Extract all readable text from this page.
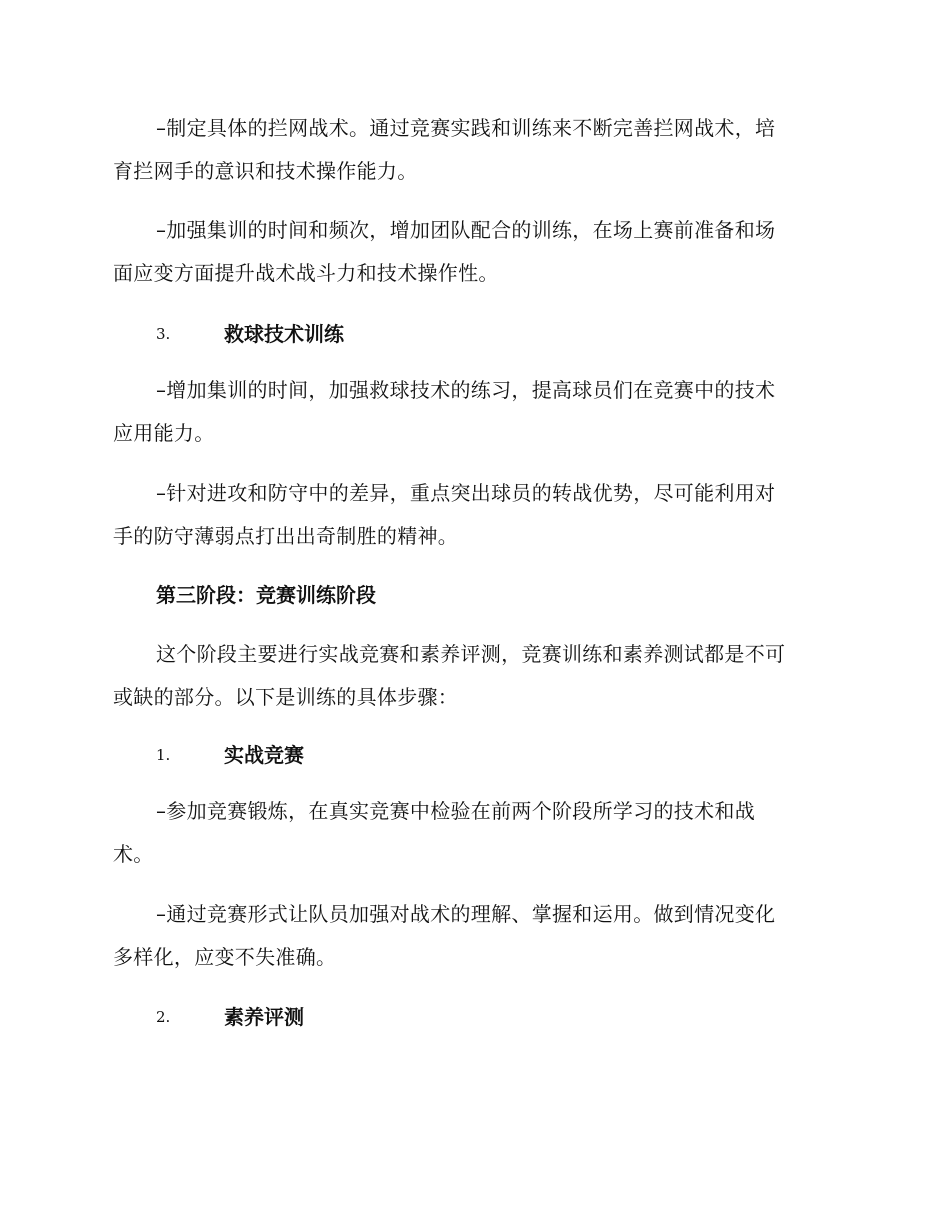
–制定具体的拦网战术。通过竞赛实践和训练来不断完善拦网战术，培
育拦网手的意识和技术操作能力。
–加强集训的时间和频次，增加团队配合的训练，在场上赛前准备和场
面应变方面提升战术战斗力和技术操作性。
3.	救球技术训练
–增加集训的时间，加强救球技术的练习，提高球员们在竞赛中的技术
应用能力。
–针对进攻和防守中的差异，重点突出球员的转战优势，尽可能利用对
手的防守薄弱点打出出奇制胜的精神。
第三阶段：竞赛训练阶段
这个阶段主要进行实战竞赛和素养评测，竞赛训练和素养测试都是不可
或缺的部分。以下是训练的具体步骤：
1.	实战竞赛
–参加竞赛锻炼，在真实竞赛中检验在前两个阶段所学习的技术和战
术。
–通过竞赛形式让队员加强对战术的理解、掌握和运用。做到情况变化
多样化，应变不失准确。
2.	素养评测
